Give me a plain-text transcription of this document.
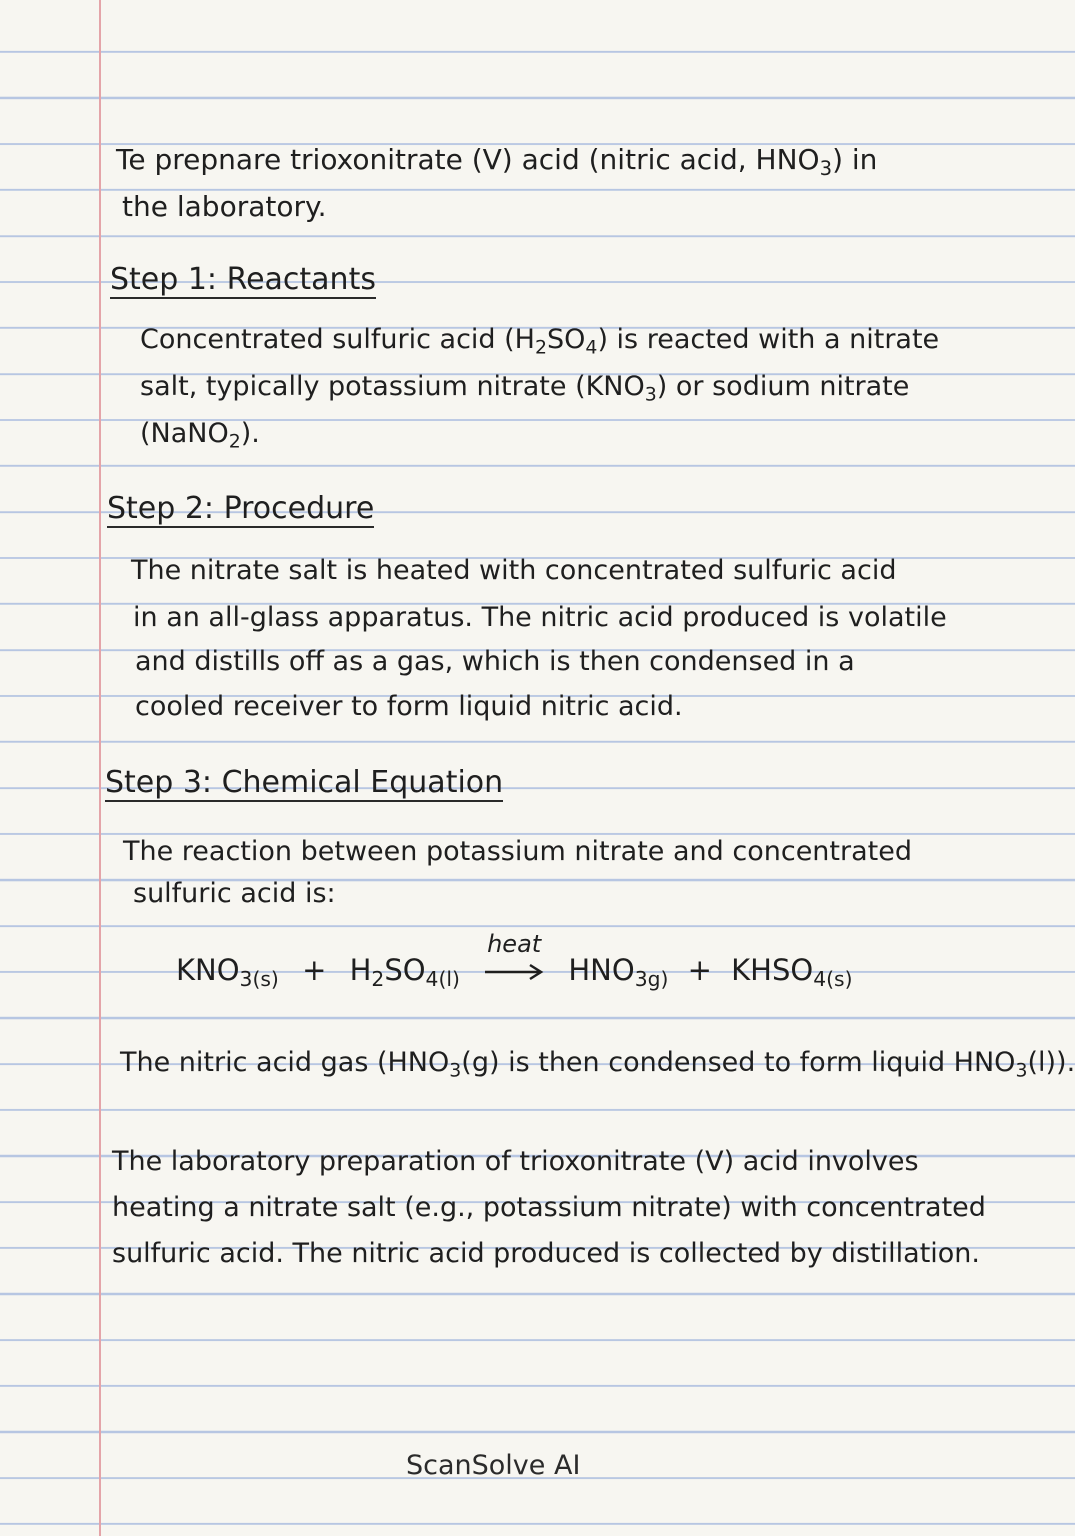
Te prepnare trioxonitrate (V) acid (nitric acid, $HNO_3$) in
the laboratory.
Step 1: Reactants
Concentrated sulfuric acid $(H_2SO_4)$ is reacted with a nitrate
salt, typically potassium nitrate $(KNO_3)$ or sodium nitrate
(NaNO$_2$).
Step 2: Procedure
The nitrate salt is heated with concentrated sulfuric acid
in an all-glass apparatus. The nitric acid produced is volatile
and distills off as a gas, which is then condensed in a
cooled receiver to form liquid nitric acid.
Step 3: Chemical Equation
The reaction between potassium nitrate and concentrated
sulfuric acid is:
$KNO_{3(s)} + H_2SO_{4(l)}$
heat
$HNO_{3g)}$ + $KHSO_{4(s)}$
The nitric acid gas ($HNO_3(g)$ is then condensed to form liquid $HNO_3(l)$).
The laboratory preparation of trioxonitrate (V) acid involves
heating a nitrate salt (e.g., potassium nitrate) with concentrated
sulfuric acid. The nitric acid produced is collected by distillation.
ScanSolve AI
